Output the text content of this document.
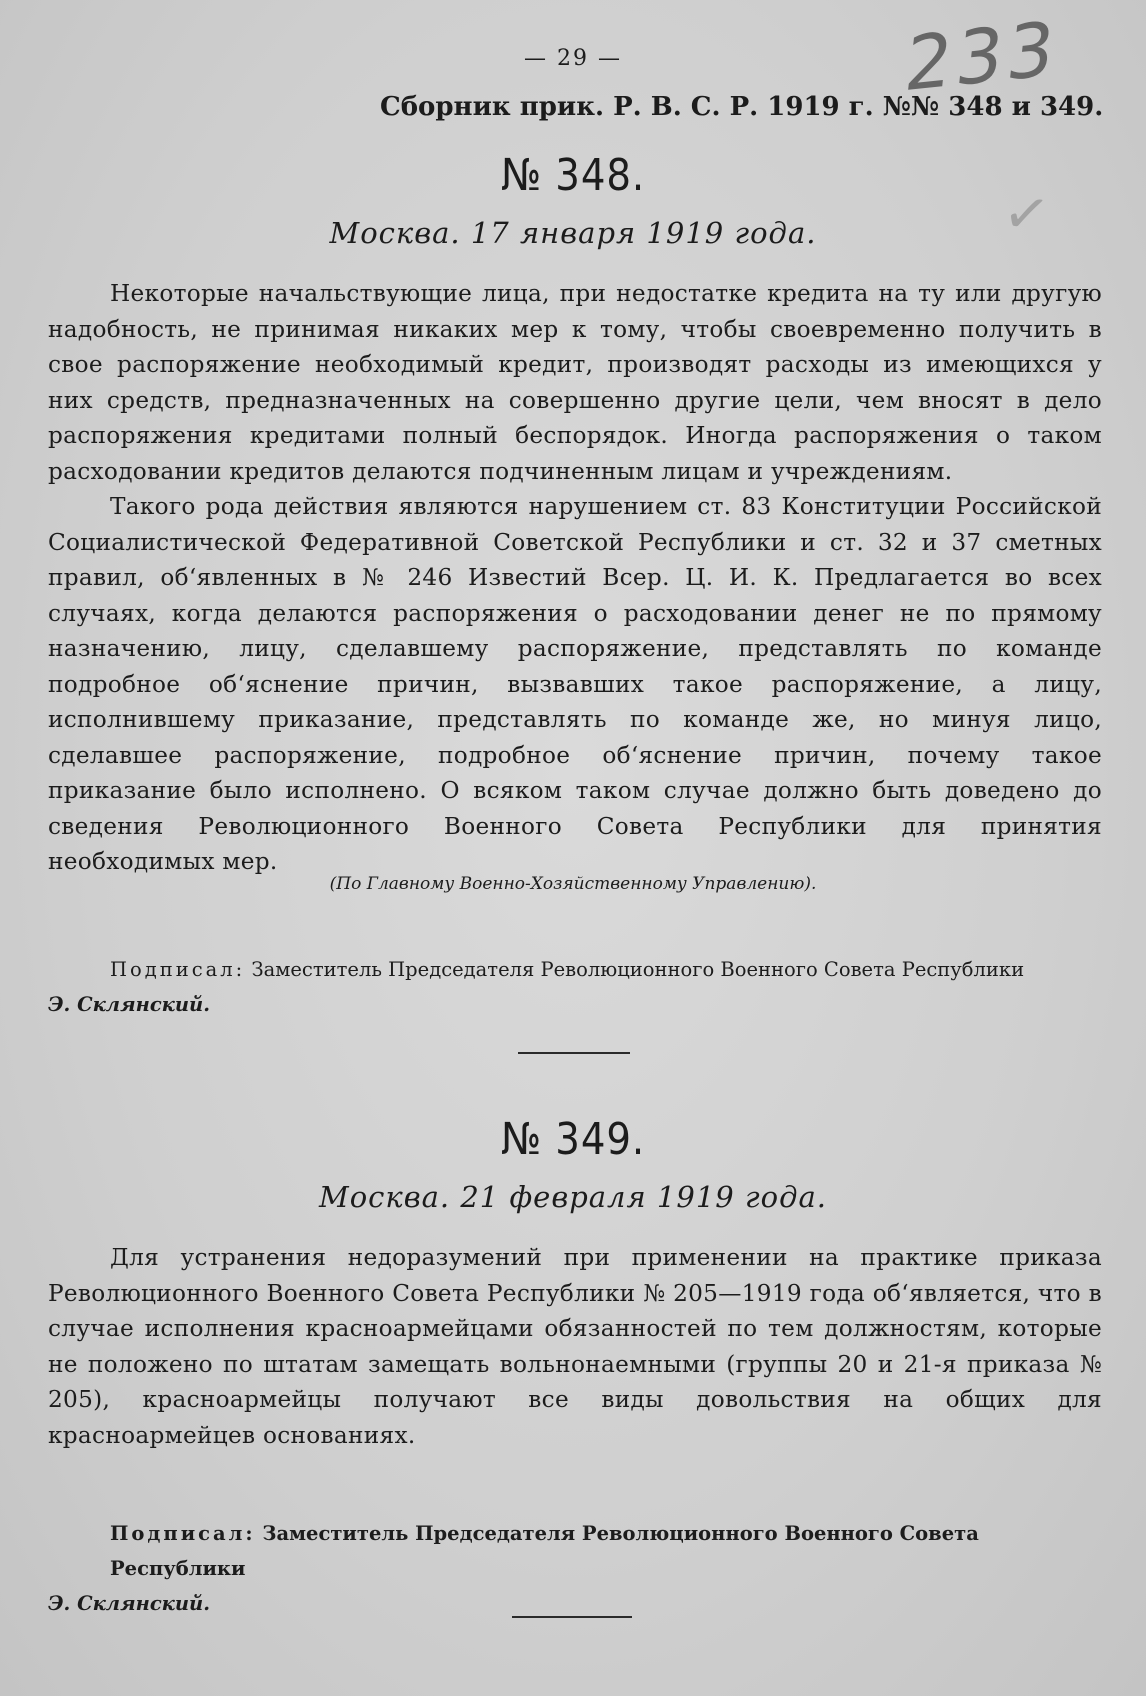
— 29 —
Сборник прик. Р. В. С. Р. 1919 г. №№ 348 и 349.
233
✓
№ 348.
Москва. 17 января 1919 года.

Некоторые начальствующие лица, при недостатке кредита на ту или другую надобность, не принимая никаких мер к тому, чтобы своевременно получить в свое распоряжение необходимый кредит, производят расходы из имеющихся у них средств, предназначенных на совершенно другие цели, чем вносят в дело распоряжения кредитами полный беспорядок. Иногда распоряжения о таком расходовании кредитов делаются подчиненным лицам и учреждениям.

Такого рода действия являются нарушением ст. 83 Конституции Российской Социалистической Федеративной Советской Республики и ст. 32 и 37 сметных правил, об‘явленных в № 246 Известий Всер. Ц. И. К. Предлагается во всех случаях, когда делаются распоряжения о расходовании денег не по прямому назначению, лицу, сделавшему распоряжение, представлять по команде подробное об‘яснение причин, вызвавших такое распоряжение, а лицу, исполнившему приказание, представлять по команде же, но минуя лицо, сделавшее распоряжение, подробное об‘яснение причин, почему такое приказание было исполнено. О всяком таком случае должно быть доведено до сведения Революционного Военного Совета Республики для принятия необходимых мер.

(По Главному Военно-Хозяйственному Управлению).
Подписал: Заместитель Председателя Революционного Военного Совета Республики
Э. Склянский.
№ 349.
Москва. 21 февраля 1919 года.

Для устранения недоразумений при применении на практике приказа Революционного Военного Совета Республики № 205—1919 года об‘является, что в случае исполнения красноармейцами обязанностей по тем должностям, которые не положено по штатам замещать вольнонаемными (группы 20 и 21-я приказа № 205), красноармейцы получают все виды довольствия на общих для красноармейцев основаниях.

Подписал: Заместитель Председателя Революционного Военного Совета Республики
Э. Склянский.
